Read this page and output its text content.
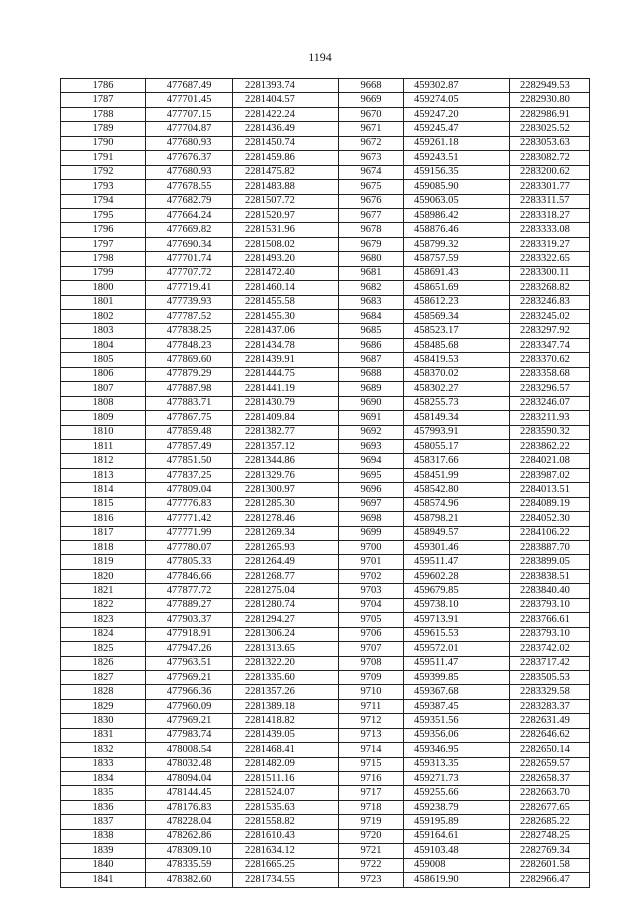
1194
1786	477687.49	2281393.74	9668	459302.87	2282949.53
1787	477701.45	2281404.57	9669	459274.05	2282930.80
1788	477707.15	2281422.24	9670	459247.20	2282986.91
1789	477704.87	2281436.49	9671	459245.47	2283025.52
1790	477680.93	2281450.74	9672	459261.18	2283053.63
1791	477676.37	2281459.86	9673	459243.51	2283082.72
1792	477680.93	2281475.82	9674	459156.35	2283200.62
1793	477678.55	2281483.88	9675	459085.90	2283301.77
1794	477682.79	2281507.72	9676	459063.05	2283311.57
1795	477664.24	2281520.97	9677	458986.42	2283318.27
1796	477669.82	2281531.96	9678	458876.46	2283333.08
1797	477690.34	2281508.02	9679	458799.32	2283319.27
1798	477701.74	2281493.20	9680	458757.59	2283322.65
1799	477707.72	2281472.40	9681	458691.43	2283300.11
1800	477719.41	2281460.14	9682	458651.69	2283268.82
1801	477739.93	2281455.58	9683	458612.23	2283246.83
1802	477787.52	2281455.30	9684	458569.34	2283245.02
1803	477838.25	2281437.06	9685	458523.17	2283297.92
1804	477848.23	2281434.78	9686	458485.68	2283347.74
1805	477869.60	2281439.91	9687	458419.53	2283370.62
1806	477879.29	2281444.75	9688	458370.02	2283358.68
1807	477887.98	2281441.19	9689	458302.27	2283296.57
1808	477883.71	2281430.79	9690	458255.73	2283246.07
1809	477867.75	2281409.84	9691	458149.34	2283211.93
1810	477859.48	2281382.77	9692	457993.91	2283590.32
1811	477857.49	2281357.12	9693	458055.17	2283862.22
1812	477851.50	2281344.86	9694	458317.66	2284021.08
1813	477837.25	2281329.76	9695	458451.99	2283987.02
1814	477809.04	2281300.97	9696	458542.80	2284013.51
1815	477776.83	2281285.30	9697	458574.96	2284089.19
1816	477771.42	2281278.46	9698	458798.21	2284052.30
1817	477771.99	2281269.34	9699	458949.57	2284106.22
1818	477780.07	2281265.93	9700	459301.46	2283887.70
1819	477805.33	2281264.49	9701	459511.47	2283899.05
1820	477846.66	2281268.77	9702	459602.28	2283838.51
1821	477877.72	2281275.04	9703	459679.85	2283840.40
1822	477889.27	2281280.74	9704	459738.10	2283793.10
1823	477903.37	2281294.27	9705	459713.91	2283766.61
1824	477918.91	2281306.24	9706	459615.53	2283793.10
1825	477947.26	2281313.65	9707	459572.01	2283742.02
1826	477963.51	2281322.20	9708	459511.47	2283717.42
1827	477969.21	2281335.60	9709	459399.85	2283505.53
1828	477966.36	2281357.26	9710	459367.68	2283329.58
1829	477960.09	2281389.18	9711	459387.45	2283283.37
1830	477969.21	2281418.82	9712	459351.56	2282631.49
1831	477983.74	2281439.05	9713	459356.06	2282646.62
1832	478008.54	2281468.41	9714	459346.95	2282650.14
1833	478032.48	2281482.09	9715	459313.35	2282659.57
1834	478094.04	2281511.16	9716	459271.73	2282658.37
1835	478144.45	2281524.07	9717	459255.66	2282663.70
1836	478176.83	2281535.63	9718	459238.79	2282677.65
1837	478228.04	2281558.82	9719	459195.89	2282685.22
1838	478262.86	2281610.43	9720	459164.61	2282748.25
1839	478309.10	2281634.12	9721	459103.48	2282769.34
1840	478335.59	2281665.25	9722	459008	2282601.58
1841	478382.60	2281734.55	9723	458619.90	2282966.47
